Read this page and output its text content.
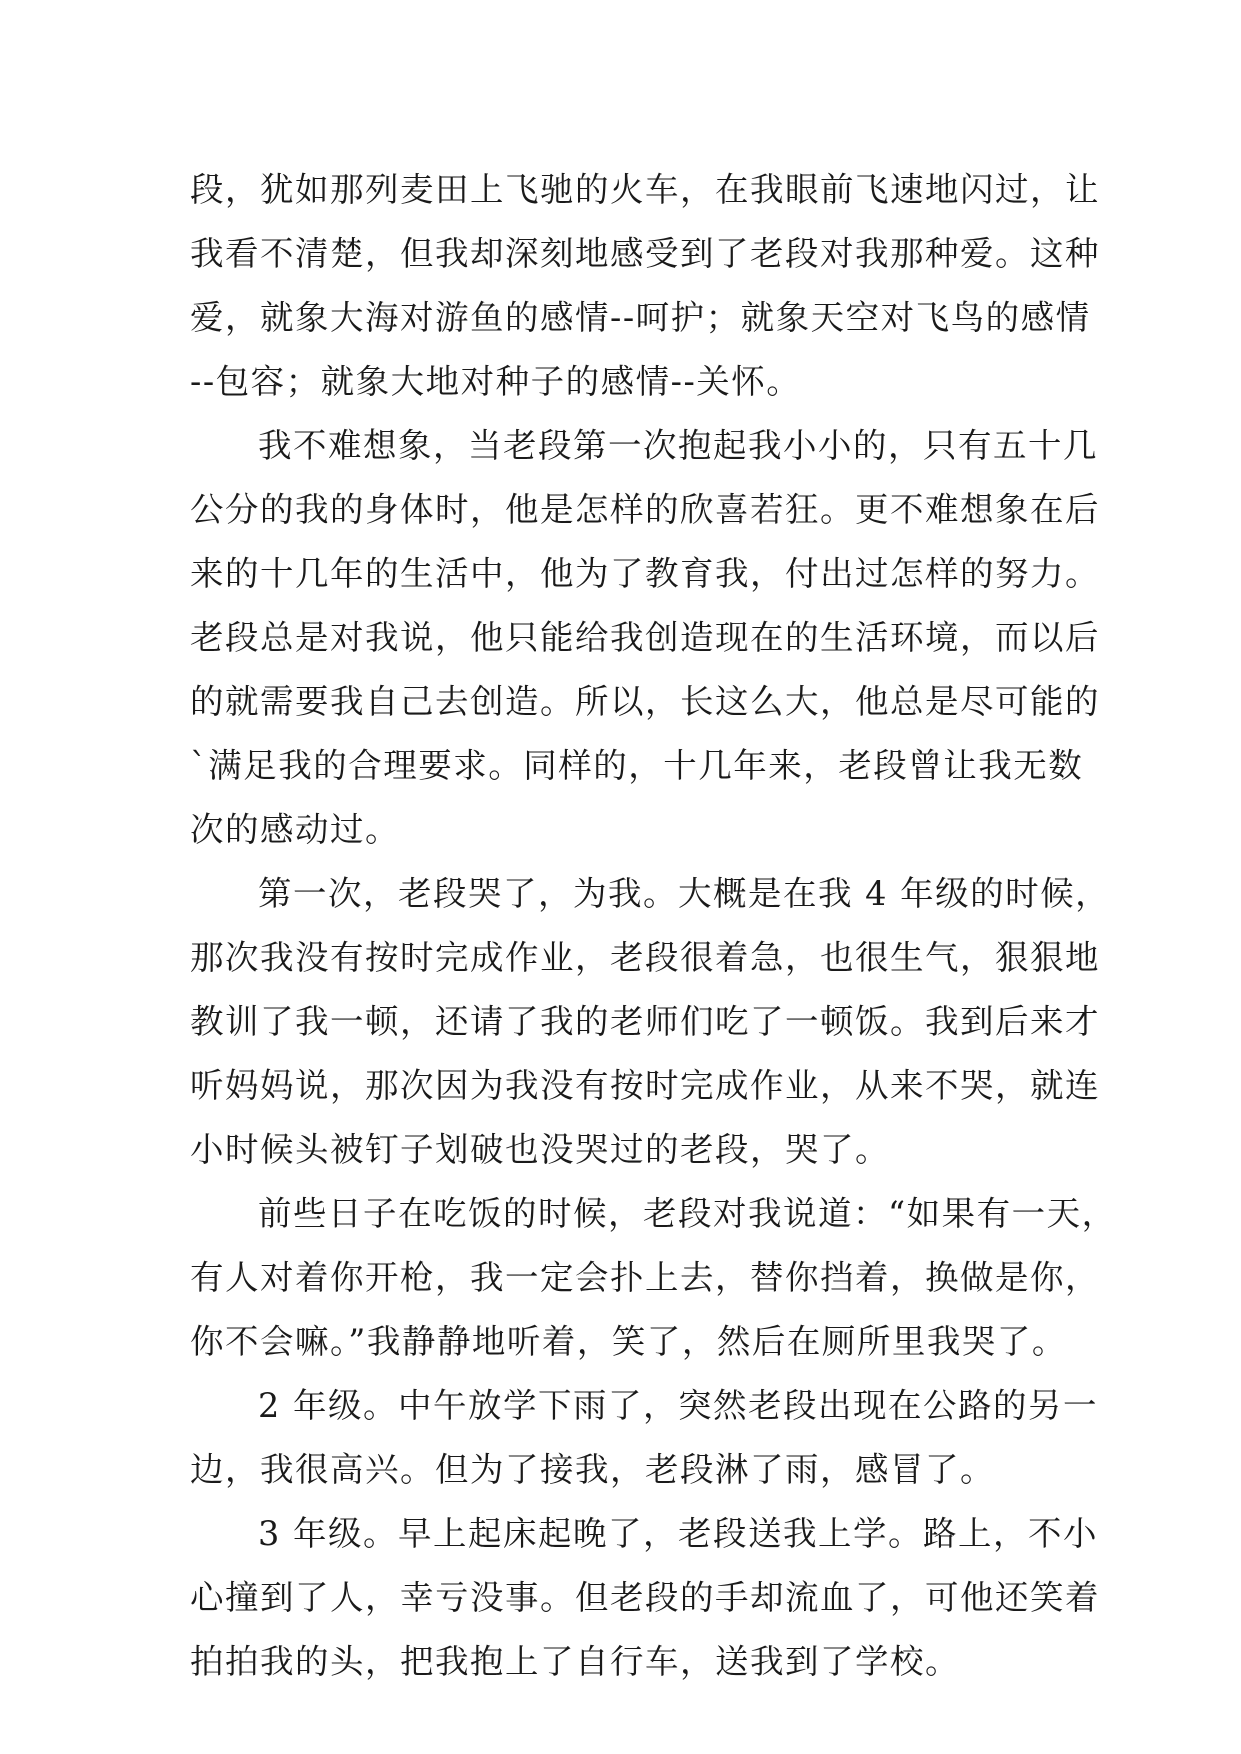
段，犹如那列麦田上飞驰的火车，在我眼前飞速地闪过，让
我看不清楚，但我却深刻地感受到了老段对我那种爱。这种
爱，就象大海对游鱼的感情--呵护；就象天空对飞鸟的感情
--包容；就象大地对种子的感情--关怀。
我不难想象，当老段第一次抱起我小小的，只有五十几
公分的我的身体时，他是怎样的欣喜若狂。更不难想象在后
来的十几年的生活中，他为了教育我，付出过怎样的努力。
老段总是对我说，他只能给我创造现在的生活环境，而以后
的就需要我自己去创造。所以，长这么大，他总是尽可能的
`满足我的合理要求。同样的，十几年来，老段曾让我无数
次的感动过。
第一次，老段哭了，为我。大概是在我 4 年级的时候，
那次我没有按时完成作业，老段很着急，也很生气，狠狠地
教训了我一顿，还请了我的老师们吃了一顿饭。我到后来才
听妈妈说，那次因为我没有按时完成作业，从来不哭，就连
小时候头被钉子划破也没哭过的老段，哭了。
前些日子在吃饭的时候，老段对我说道：“如果有一天，
有人对着你开枪，我一定会扑上去，替你挡着，换做是你，
你不会嘛。”我静静地听着，笑了，然后在厕所里我哭了。
2 年级。中午放学下雨了，突然老段出现在公路的另一
边，我很高兴。但为了接我，老段淋了雨，感冒了。
3 年级。早上起床起晚了，老段送我上学。路上，不小
心撞到了人，幸亏没事。但老段的手却流血了，可他还笑着
拍拍我的头，把我抱上了自行车，送我到了学校。
